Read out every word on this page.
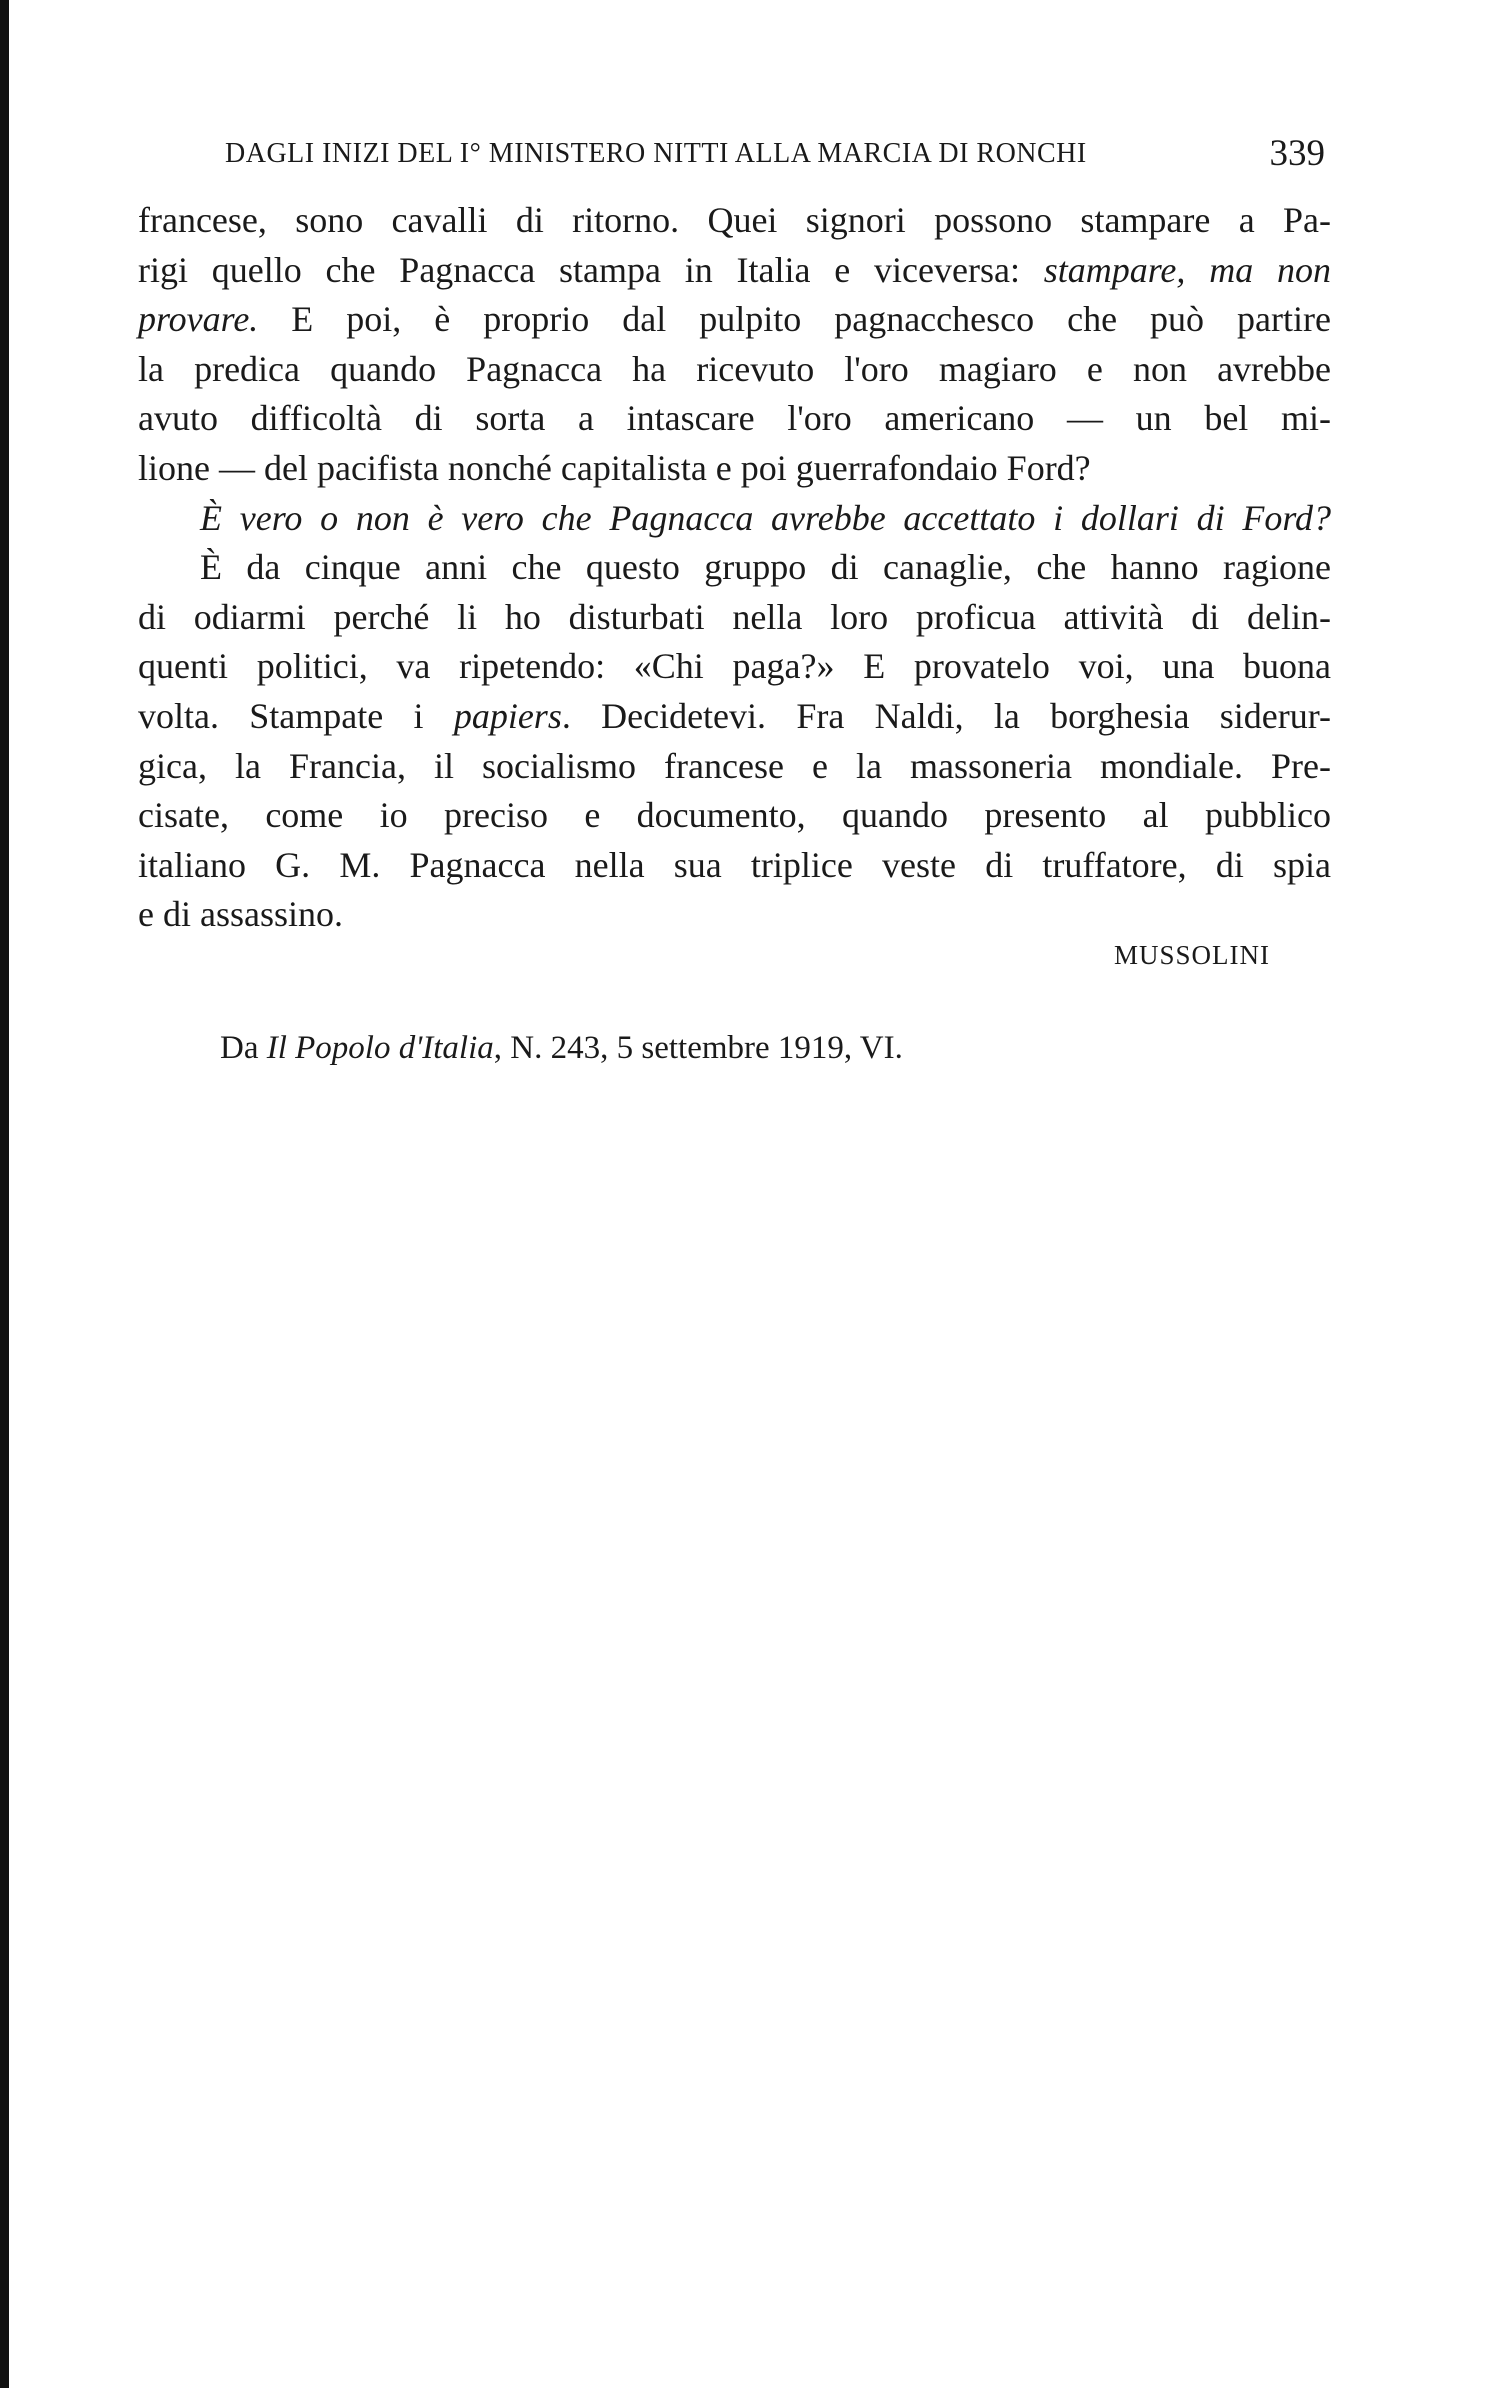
DAGLI INIZI DEL I° MINISTERO NITTI ALLA MARCIA DI RONCHI	339

francese, sono cavalli di ritorno. Quei signori possono stampare a Pa-
rigi quello che Pagnacca stampa in Italia e viceversa: stampare, ma non
provare. E poi, è proprio dal pulpito pagnacchesco che può partire
la predica quando Pagnacca ha ricevuto l'oro magiaro e non avrebbe
avuto difficoltà di sorta a intascare l'oro americano — un bel mi-
lione — del pacifista nonché capitalista e poi guerrafondaio Ford?

È vero o non è vero che Pagnacca avrebbe accettato i dollari di Ford?

È da cinque anni che questo gruppo di canaglie, che hanno ragione
di odiarmi perché li ho disturbati nella loro proficua attività di delin-
quenti politici, va ripetendo: «Chi paga?» E provatelo voi, una buona
volta. Stampate i papiers. Decidetevi. Fra Naldi, la borghesia siderur-
gica, la Francia, il socialismo francese e la massoneria mondiale. Pre-
cisate, come io preciso e documento, quando presento al pubblico
italiano G. M. Pagnacca nella sua triplice veste di truffatore, di spia
e di assassino.

MUSSOLINI
Da Il Popolo d'Italia, N. 243, 5 settembre 1919, VI.
